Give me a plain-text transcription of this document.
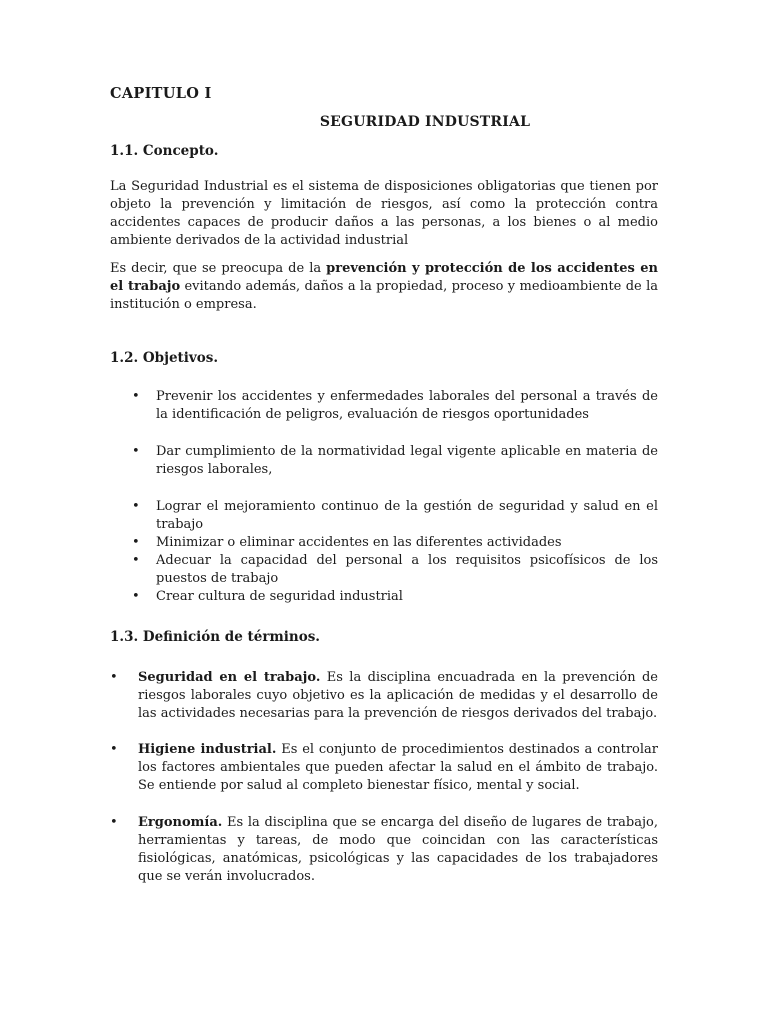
CAPITULO I
SEGURIDAD INDUSTRIAL
1.1. Concepto.
La Seguridad Industrial es el sistema de disposiciones obligatorias que tienen por objeto la prevención y limitación de riesgos, así como la protección contra accidentes capaces de producir daños a las personas, a los bienes o al medio ambiente derivados de la actividad industrial
Es decir, que se preocupa de la prevención y protección de los accidentes en el trabajo evitando además, daños a la propiedad, proceso y medioambiente de la institución o empresa.
1.2. Objetivos.
• Prevenir los accidentes y enfermedades laborales del personal a través de la identificación de peligros, evaluación de riesgos oportunidades
• Dar cumplimiento de la normatividad legal vigente aplicable en materia de riesgos laborales,
• Lograr el mejoramiento continuo de la gestión de seguridad y salud en el trabajo
• Minimizar o eliminar accidentes en las diferentes actividades
• Adecuar la capacidad del personal a los requisitos psicofísicos de los puestos de trabajo
• Crear cultura de seguridad industrial
1.3. Definición de términos.
• Seguridad en el trabajo. Es la disciplina encuadrada en la prevención de riesgos laborales cuyo objetivo es la aplicación de medidas y el desarrollo de las actividades necesarias para la prevención de riesgos derivados del trabajo.
• Higiene industrial. Es el conjunto de procedimientos destinados a controlar los factores ambientales que pueden afectar la salud en el ámbito de trabajo. Se entiende por salud al completo bienestar físico, mental y social.
• Ergonomía. Es la disciplina que se encarga del diseño de lugares de trabajo, herramientas y tareas, de modo que coincidan con las características fisiológicas, anatómicas, psicológicas y las capacidades de los trabajadores que se verán involucrados.
